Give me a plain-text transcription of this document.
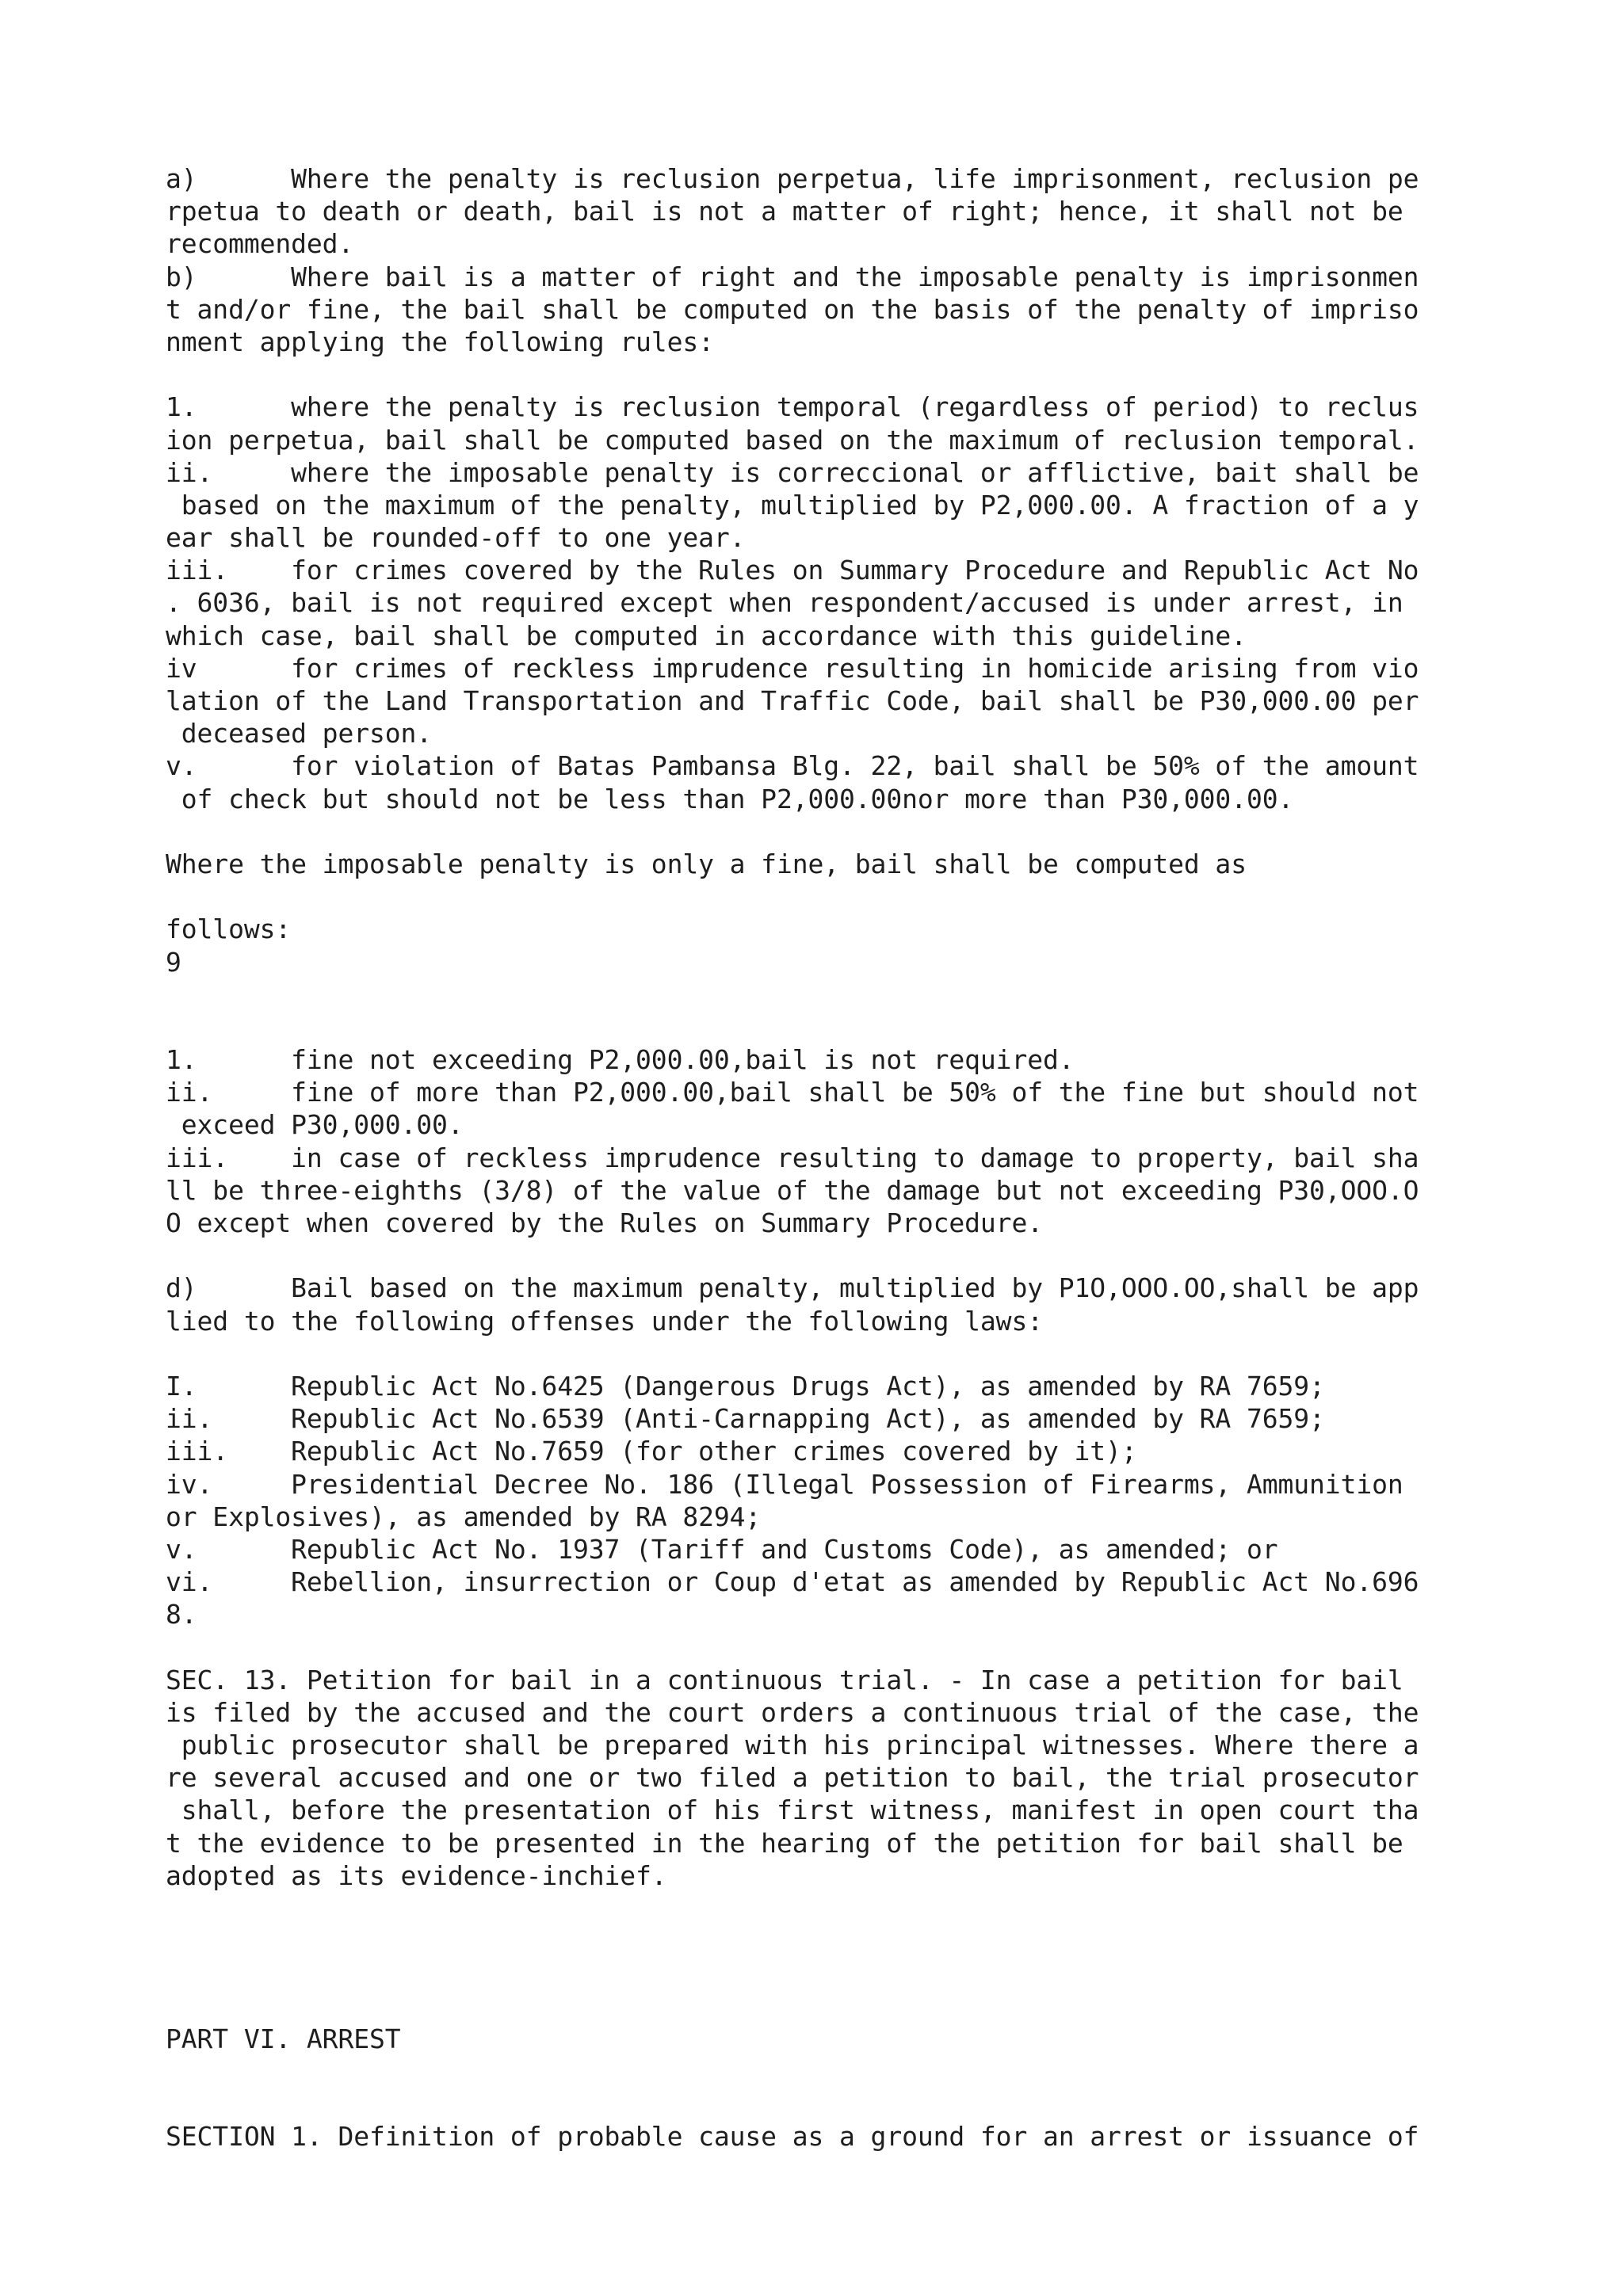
a)      Where the penalty is reclusion perpetua, life imprisonment, reclusion pe
rpetua to death or death, bail is not a matter of right; hence, it shall not be
recommended.
b)      Where bail is a matter of right and the imposable penalty is imprisonmen
t and/or fine, the bail shall be computed on the basis of the penalty of impriso
nment applying the following rules:
1.      where the penalty is reclusion temporal (regardless of period) to reclus
ion perpetua, bail shall be computed based on the maximum of reclusion temporal.
ii.     where the imposable penalty is correccional or afflictive, bait shall be
based on the maximum of the penalty, multiplied by P2,000.00. A fraction of a y
ear shall be rounded-off to one year.
iii.    for crimes covered by the Rules on Summary Procedure and Republic Act No
. 6036, bail is not required except when respondent/accused is under arrest, in
which case, bail shall be computed in accordance with this guideline.
iv      for crimes of reckless imprudence resulting in homicide arising from vio
lation of the Land Transportation and Traffic Code, bail shall be P30,000.00 per
deceased person.
v.      for violation of Batas Pambansa Blg. 22, bail shall be 50% of the amount
of check but should not be less than P2,000.00nor more than P30,000.00.
Where the imposable penalty is only a fine, bail shall be computed as
follows:
9
1.      fine not exceeding P2,000.00,bail is not required.
ii.     fine of more than P2,000.00,bail shall be 50% of the fine but should not
exceed P30,000.00.
iii.    in case of reckless imprudence resulting to damage to property, bail sha
ll be three-eighths (3/8) of the value of the damage but not exceeding P30,OOO.O
O except when covered by the Rules on Summary Procedure.
d)      Bail based on the maximum penalty, multiplied by P1O,OOO.OO,shall be app
lied to the following offenses under the following laws:
I.      Republic Act No.6425 (Dangerous Drugs Act), as amended by RA 7659;
ii.     Republic Act No.6539 (Anti-Carnapping Act), as amended by RA 7659;
iii.    Republic Act No.7659 (for other crimes covered by it);
iv.     Presidential Decree No. 186 (Illegal Possession of Firearms, Ammunition
or Explosives), as amended by RA 8294;
v.      Republic Act No. 1937 (Tariff and Customs Code), as amended; or
vi.     Rebellion, insurrection or Coup d'etat as amended by Republic Act No.696
8.
SEC. 13. Petition for bail in a continuous trial. - In case a petition for bail
is filed by the accused and the court orders a continuous trial of the case, the
public prosecutor shall be prepared with his principal witnesses. Where there a
re several accused and one or two filed a petition to bail, the trial prosecutor
shall, before the presentation of his first witness, manifest in open court tha
t the evidence to be presented in the hearing of the petition for bail shall be
adopted as its evidence-inchief.
PART VI. ARREST
SECTION 1. Definition of probable cause as a ground for an arrest or issuance of
